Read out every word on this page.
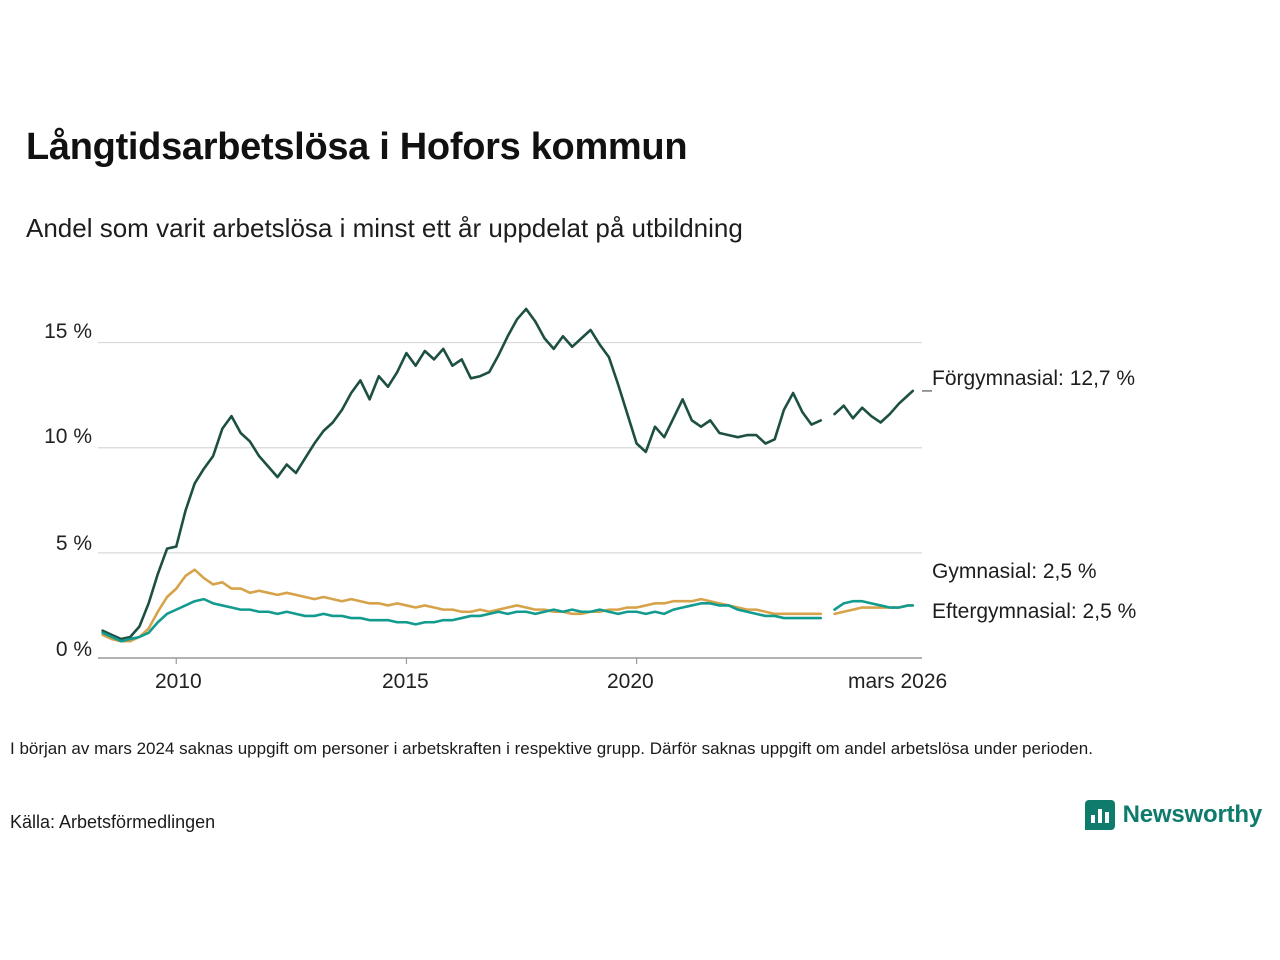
Långtidsarbetslösa i Hofors kommun
Andel som varit arbetslösa i minst ett år uppdelat på utbildning
15 %
10 %
5 %
0 %
2010	2015	2020	mars 2026
Förgymnasial: 12,7 %
Gymnasial: 2,5 %
Eftergymnasial: 2,5 %
I början av mars 2024 saknas uppgift om personer i arbetskraften i respektive grupp. Därför saknas uppgift om andel arbetslösa under perioden.
Källa: Arbetsförmedlingen	Newsworthy
